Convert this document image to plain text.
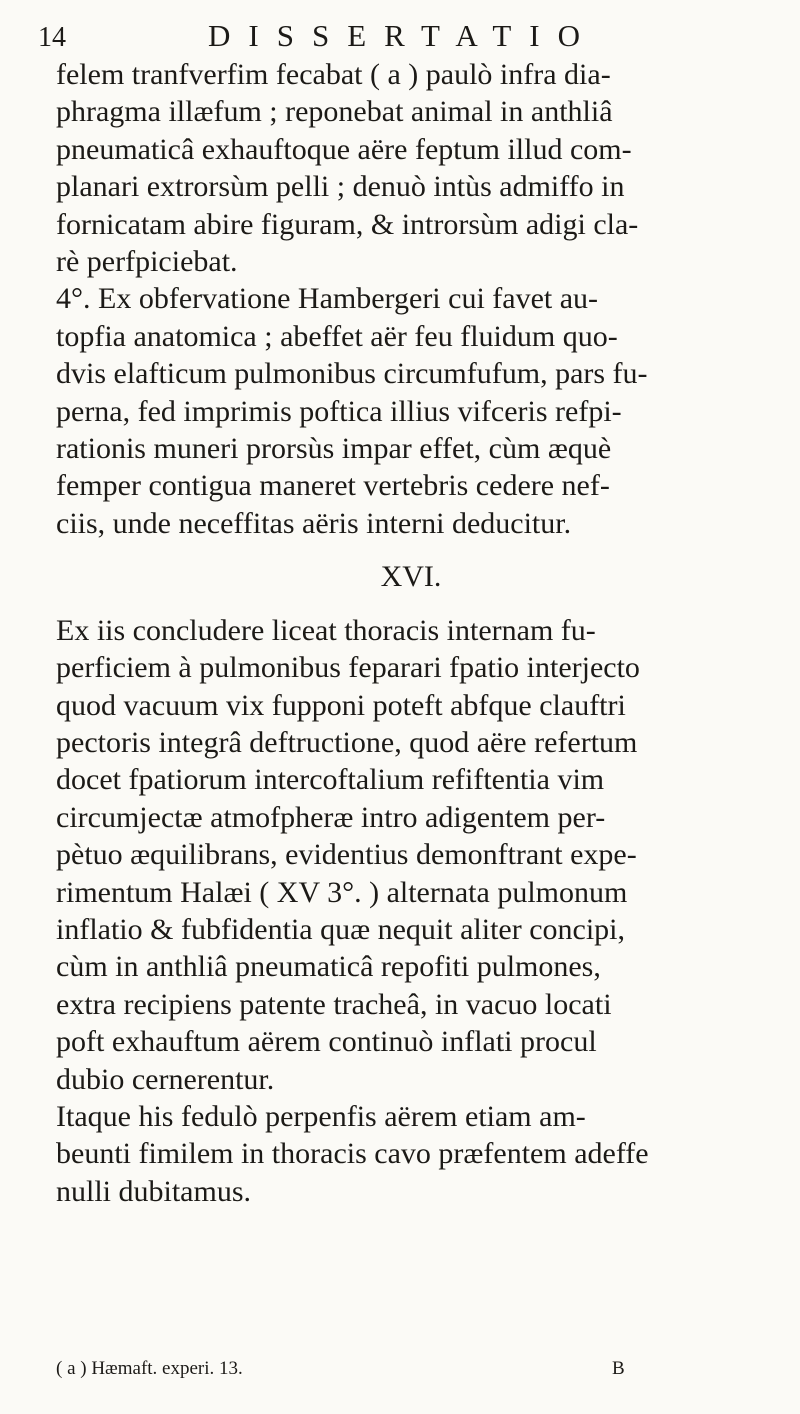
14	DISSERTATIO
felem tranfverfim fecabat ( a ) paulò infra dia-
phragma illæfum ; reponebat animal in anthliâ
pneumaticâ exhauftoque aëre feptum illud com-
planari extrorsùm pelli ; denuò intùs admiffo in
fornicatam abire figuram, & introrsùm adigi cla-
rè perfpiciebat.
4°. Ex obfervatione Hambergeri cui favet au-
topfia anatomica ; abeffet aër feu fluidum quo-
dvis elafticum pulmonibus circumfufum, pars fu-
perna, fed imprimis poftica illius vifceris refpi-
rationis muneri prorsùs impar effet, cùm æquè
femper contigua maneret vertebris cedere nef-
ciis, unde neceffitas aëris interni deducitur.
XVI.
Ex iis concludere liceat thoracis internam fu-
perficiem à pulmonibus feparari fpatio interjecto
quod vacuum vix fupponi poteft abfque clauftri
pectoris integrâ deftructione, quod aëre refertum
docet fpatiorum intercoftalium refiftentia vim
circumjectæ atmofpheræ intro adigentem per-
pètuo æquilibrans, evidentius demonftrant expe-
rimentum Halæi ( XV 3°. ) alternata pulmonum
inflatio & fubfidentia quæ nequit aliter concipi,
cùm in anthliâ pneumaticâ repofiti pulmones,
extra recipiens patente tracheâ, in vacuo locati
poft exhauftum aërem continuò inflati procul
dubio cernerentur.
Itaque his fedulò perpenfis aërem etiam am-
beunti fimilem in thoracis cavo præfentem adeffe
nulli dubitamus.
( a ) Hæmaft. experi. 13.	B
